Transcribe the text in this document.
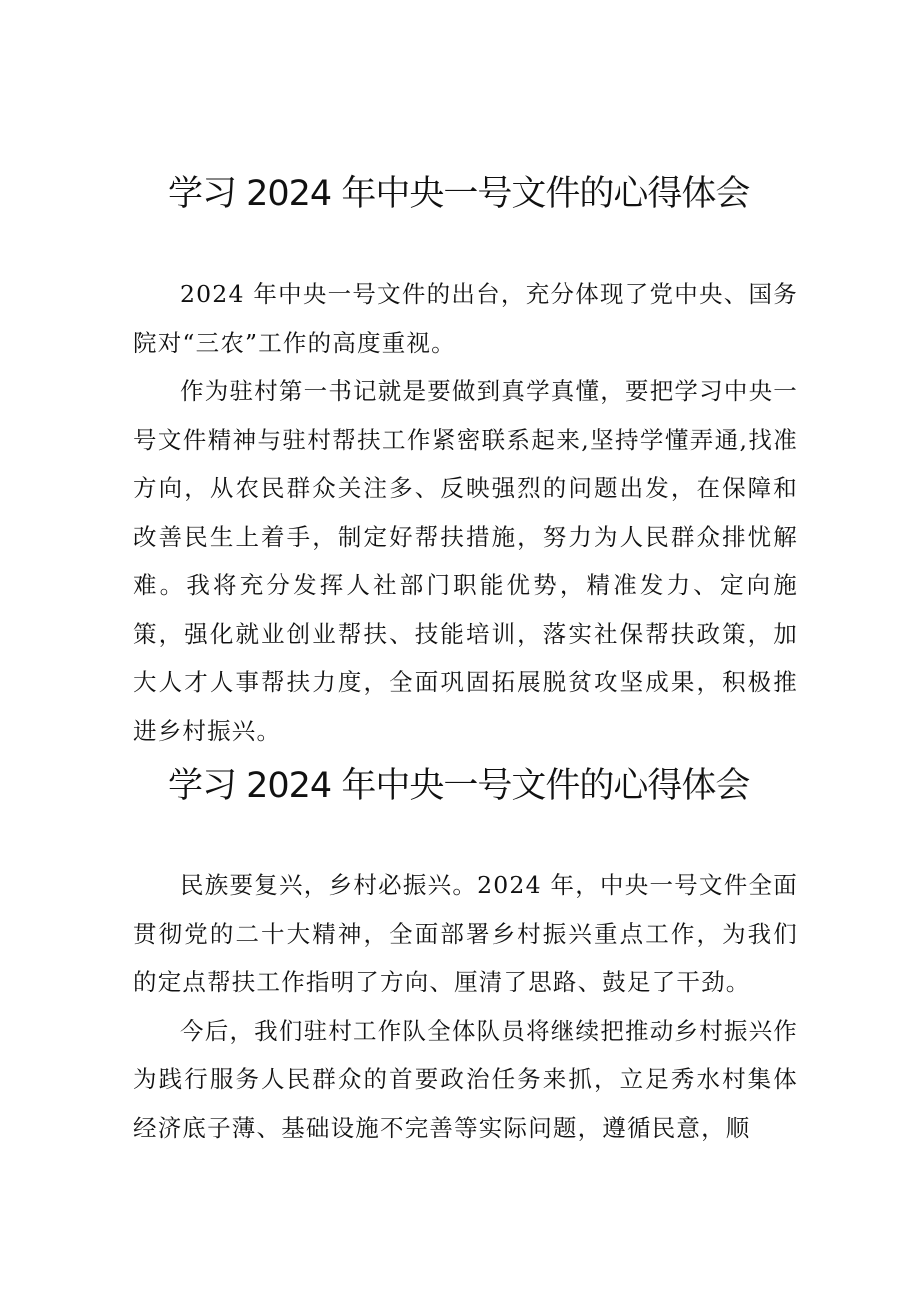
学习 2024 年中央一号文件的心得体会

2024 年中央一号文件的出台，充分体现了党中央、国务院对“三农”工作的高度重视。

作为驻村第一书记就是要做到真学真懂，要把学习中央一号文件精神与驻村帮扶工作紧密联系起来,坚持学懂弄通,找准方向，从农民群众关注多、反映强烈的问题出发，在保障和改善民生上着手，制定好帮扶措施，努力为人民群众排忧解难。我将充分发挥人社部门职能优势，精准发力、定向施策，强化就业创业帮扶、技能培训，落实社保帮扶政策，加大人才人事帮扶力度，全面巩固拓展脱贫攻坚成果，积极推进乡村振兴。

学习 2024 年中央一号文件的心得体会

民族要复兴，乡村必振兴。2024 年，中央一号文件全面贯彻党的二十大精神，全面部署乡村振兴重点工作，为我们的定点帮扶工作指明了方向、厘清了思路、鼓足了干劲。

今后，我们驻村工作队全体队员将继续把推动乡村振兴作为践行服务人民群众的首要政治任务来抓，立足秀水村集体经济底子薄、基础设施不完善等实际问题，遵循民意，顺
